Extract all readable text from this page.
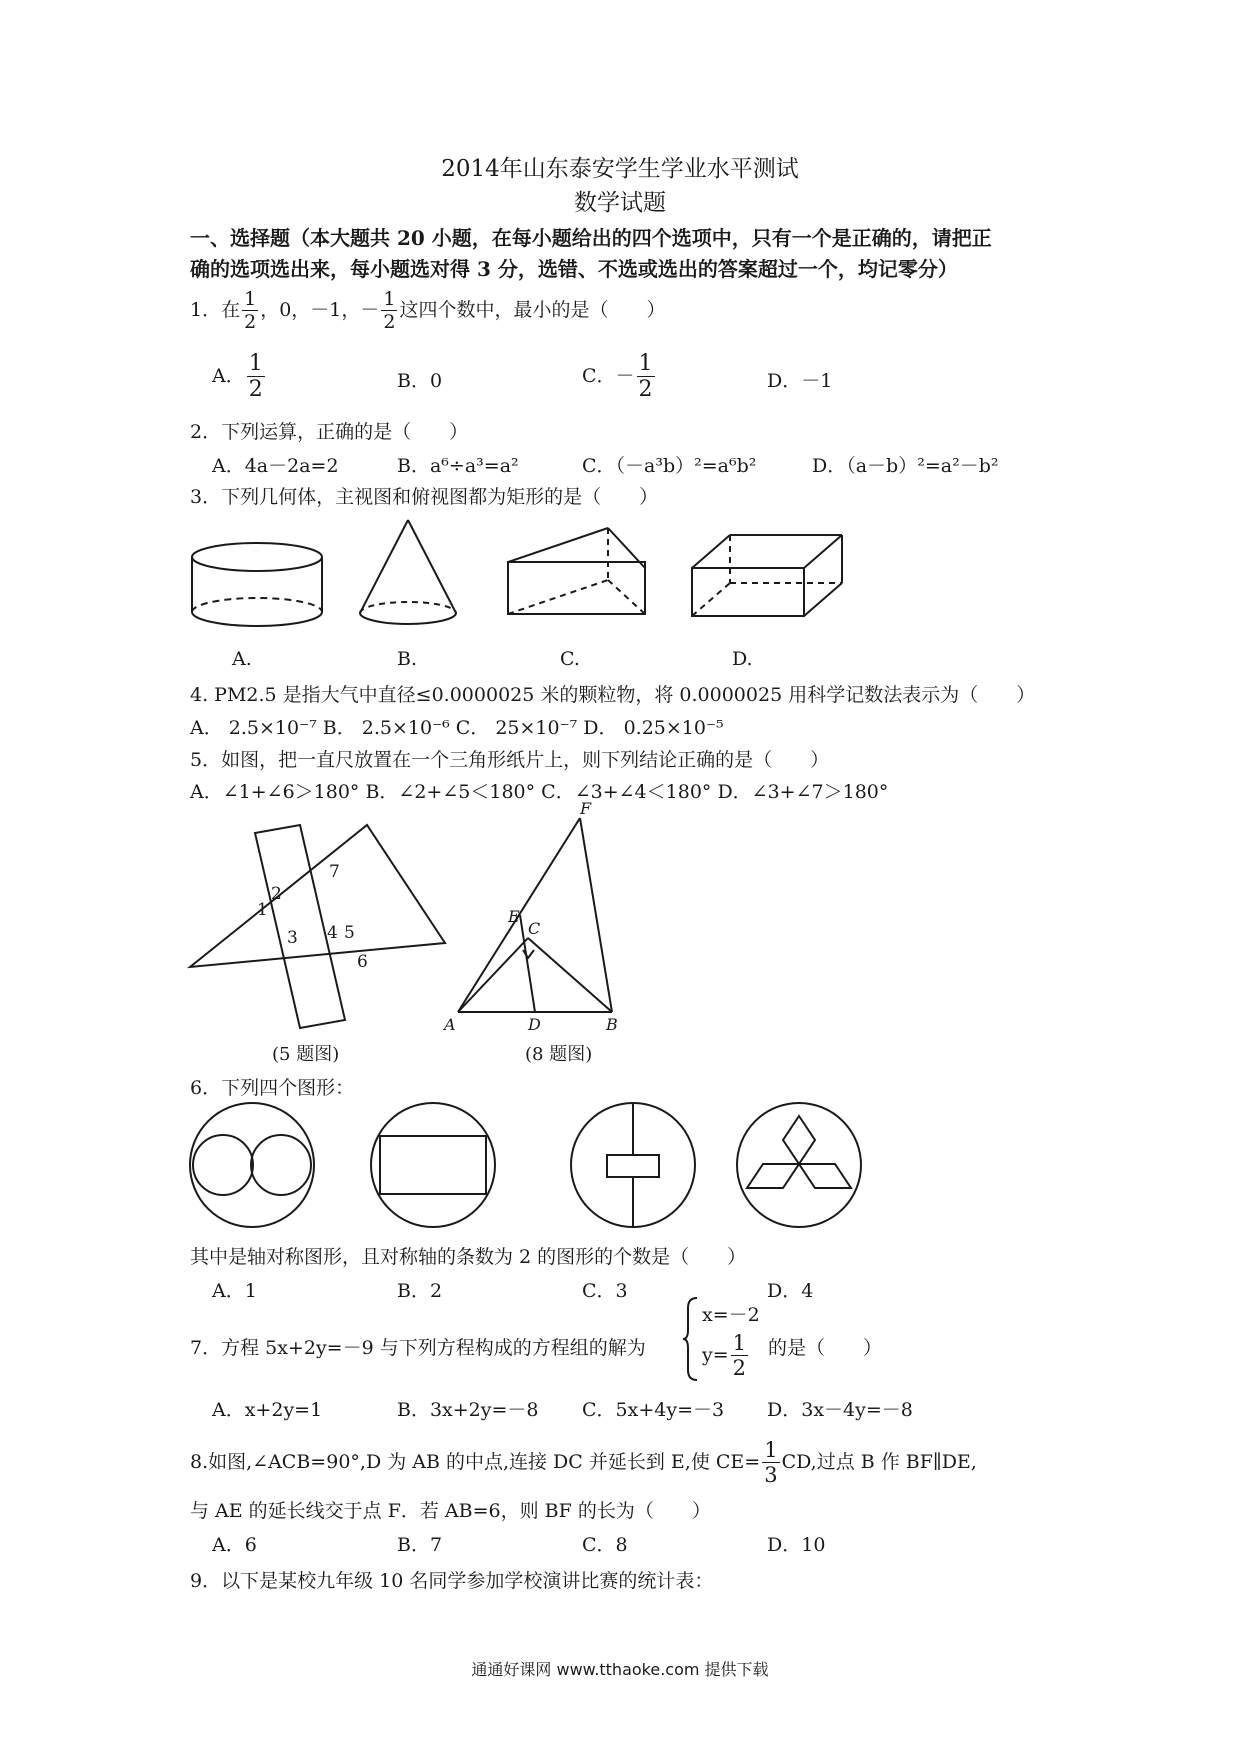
2014年山东泰安学生学业水平测试
数学试题
一、选择题（本大题共 20 小题，在每小题给出的四个选项中，只有一个是正确的，请把正
确的选项选出来，每小题选对得 3 分，选错、不选或选出的答案超过一个，均记零分）
1．在 $\frac{1}{2}$ ，0，－1，－ $\frac{1}{2}$ 这四个数中，最小的是（　　）
A． $\frac{1}{2}$	B．0	C．－ $\frac{1}{2}$	D．－1
2．下列运算，正确的是（　　）
A．4a－2a=2	B．a⁶÷a³=a²	C．（－a³b）²=a⁶b²	D．（a－b）²=a²－b²
3．下列几何体，主视图和俯视图都为矩形的是（　　）
A.	B.	C.	D.
4. PM2.5 是指大气中直径≤0.0000025 米的颗粒物，将 0.0000025 用科学记数法表示为（　　）
A． 2.5×10⁻⁷ B． 2.5×10⁻⁶ C． 25×10⁻⁷ D． 0.25×10⁻⁵
5．如图，把一直尺放置在一个三角形纸片上，则下列结论正确的是（　　）
A．∠1+∠6＞180° B．∠2+∠5＜180° C．∠3+∠4＜180° D．∠3+∠7＞180°
1
2
3 4 5
6
7
(5 题图)
A	B
C
D
E
F
(8 题图)
6．下列四个图形：
其中是轴对称图形，且对称轴的条数为 2 的图形的个数是（　　）
A．1	B．2	C．3	D．4
7．方程 5x+2y=－9 与下列方程构成的方程组的解为
x=－2
$y= \frac{1}{2}$ 的是（　　）
A．x+2y=1	B．3x+2y=－8 C．5x+4y=－3 D．3x－4y=－8
8.如图,∠ACB=90°,D 为 AB 的中点,连接 DC 并延长到 E,使 $CE= \frac{1}{3}$ CD,过点 B 作 BF∥DE,
与 AE 的延长线交于点 F．若 AB=6，则 BF 的长为（　　）
A．6	B．7	C．8	D．10
9．以下是某校九年级 10 名同学参加学校演讲比赛的统计表：
通通好课网 www.tthaoke.com 提供下载
